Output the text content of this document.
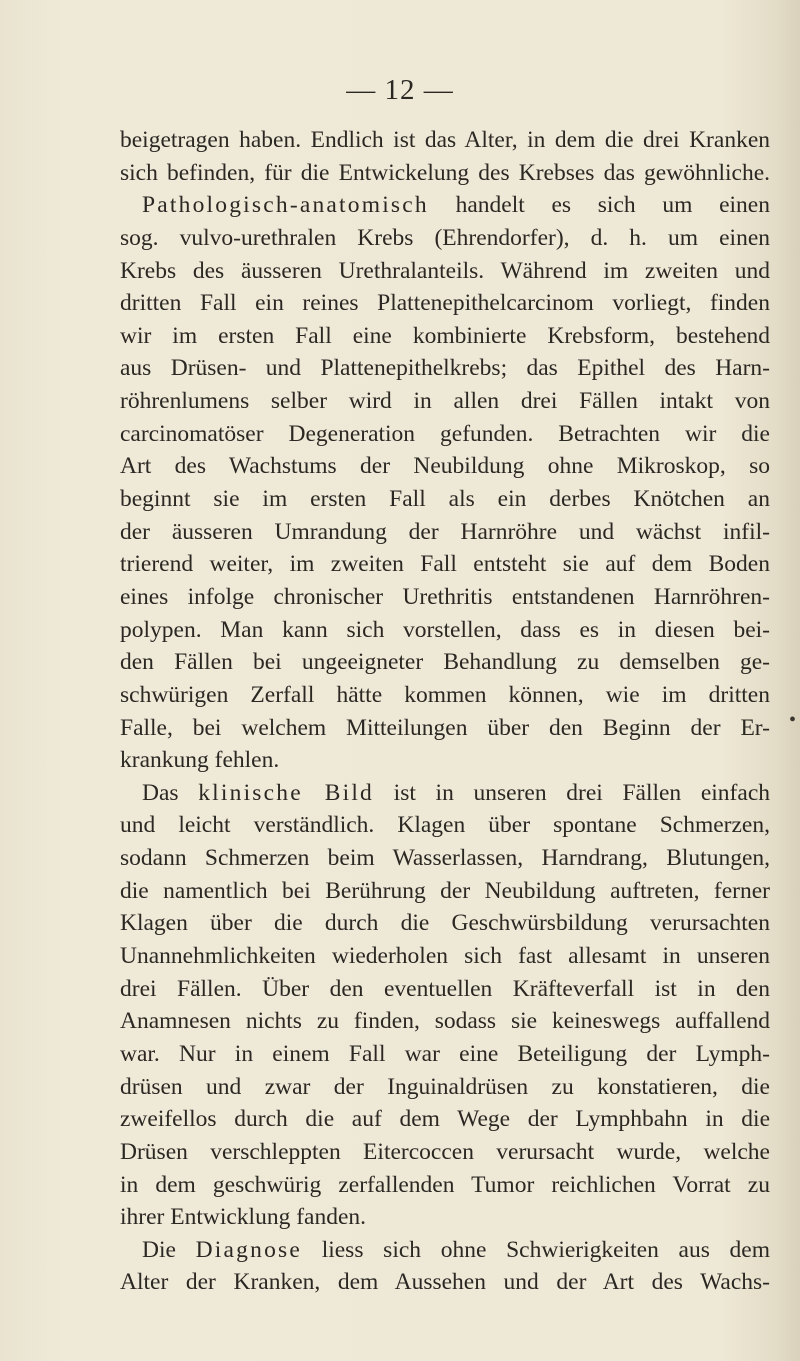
— 12 —
beigetragen haben. Endlich ist das Alter, in dem die drei Kranken
sich befinden, für die Entwickelung des Krebses das gewöhnliche.
Pathologisch-anatomisch handelt es sich um einen
sog. vulvo-urethralen Krebs (Ehrendorfer), d. h. um einen
Krebs des äusseren Urethralanteils. Während im zweiten und
dritten Fall ein reines Plattenepithelcarcinom vorliegt, finden
wir im ersten Fall eine kombinierte Krebsform, bestehend
aus Drüsen- und Plattenepithelkrebs; das Epithel des Harn-
röhrenlumens selber wird in allen drei Fällen intakt von
carcinomatöser Degeneration gefunden. Betrachten wir die
Art des Wachstums der Neubildung ohne Mikroskop, so
beginnt sie im ersten Fall als ein derbes Knötchen an
der äusseren Umrandung der Harnröhre und wächst infil-
trierend weiter, im zweiten Fall entsteht sie auf dem Boden
eines infolge chronischer Urethritis entstandenen Harnröhren-
polypen. Man kann sich vorstellen, dass es in diesen bei-
den Fällen bei ungeeigneter Behandlung zu demselben ge-
schwürigen Zerfall hätte kommen können, wie im dritten
Falle, bei welchem Mitteilungen über den Beginn der Er-
krankung fehlen.
Das klinische Bild ist in unseren drei Fällen einfach
und leicht verständlich. Klagen über spontane Schmerzen,
sodann Schmerzen beim Wasserlassen, Harndrang, Blutungen,
die namentlich bei Berührung der Neubildung auftreten, ferner
Klagen über die durch die Geschwürsbildung verursachten
Unannehmlichkeiten wiederholen sich fast allesamt in unseren
drei Fällen. Über den eventuellen Kräfteverfall ist in den
Anamnesen nichts zu finden, sodass sie keineswegs auffallend
war. Nur in einem Fall war eine Beteiligung der Lymph-
drüsen und zwar der Inguinaldrüsen zu konstatieren, die
zweifellos durch die auf dem Wege der Lymphbahn in die
Drüsen verschleppten Eitercoccen verursacht wurde, welche
in dem geschwürig zerfallenden Tumor reichlichen Vorrat zu
ihrer Entwicklung fanden.
Die Diagnose liess sich ohne Schwierigkeiten aus dem
Alter der Kranken, dem Aussehen und der Art des Wachs-
•
